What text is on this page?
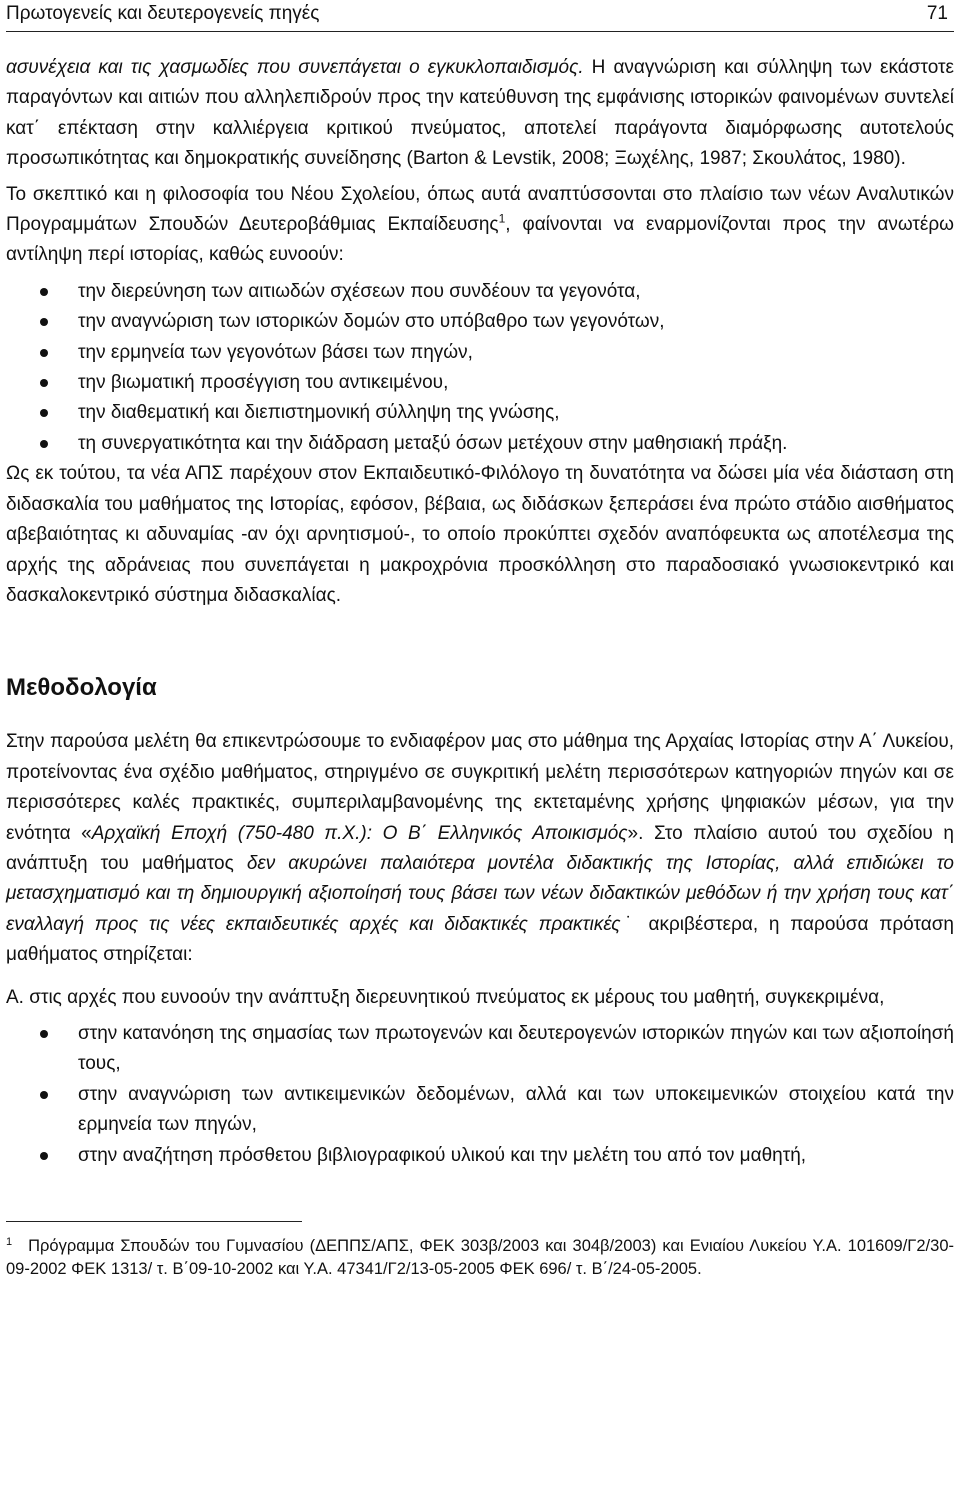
Πρωτογενείς και δευτερογενείς πηγές	71

ασυνέχεια και τις χασμωδίες που συνεπάγεται ο εγκυκλοπαιδισμός. Η αναγνώριση και σύλληψη των εκάστοτε παραγόντων και αιτιών που αλληλεπιδρούν προς την κατεύθυνση της εμφάνισης ιστορικών φαινομένων συντελεί κατ΄ επέκταση στην καλλιέργεια κριτικού πνεύματος, αποτελεί παράγοντα διαμόρφωσης αυτοτελούς προσωπικότητας και δημοκρατικής συνείδησης (Barton & Levstik, 2008; Ξωχέλης, 1987; Σκουλάτος, 1980).

Το σκεπτικό και η φιλοσοφία του Νέου Σχολείου, όπως αυτά αναπτύσσονται στο πλαίσιο των νέων Αναλυτικών Προγραμμάτων Σπουδών Δευτεροβάθμιας Εκπαίδευσης$^1$, φαίνονται να εναρμονίζονται προς την ανωτέρω αντίληψη περί ιστορίας, καθώς ευνοούν:

την διερεύνηση των αιτιωδών σχέσεων που συνδέουν τα γεγονότα,
την αναγνώριση των ιστορικών δομών στο υπόβαθρο των γεγονότων,
την ερμηνεία των γεγονότων βάσει των πηγών,
την βιωματική προσέγγιση του αντικειμένου,
την διαθεματική και διεπιστημονική σύλληψη της γνώσης,
τη συνεργατικότητα και την διάδραση μεταξύ όσων μετέχουν στην μαθησιακή πράξη.

Ως εκ τούτου, τα νέα ΑΠΣ παρέχουν στον Εκπαιδευτικό-Φιλόλογο τη δυνατότητα να δώσει μία νέα διάσταση στη διδασκαλία του μαθήματος της Ιστορίας, εφόσον, βέβαια, ως διδάσκων ξεπεράσει ένα πρώτο στάδιο αισθήματος αβεβαιότητας κι αδυναμίας -αν όχι αρνητισμού-, το οποίο προκύπτει σχεδόν αναπόφευκτα ως αποτέλεσμα της αρχής της αδράνειας που συνεπάγεται η μακροχρόνια προσκόλληση στο παραδοσιακό γνωσιοκεντρικό και δασκαλοκεντρικό σύστημα διδασκαλίας.

Μεθοδολογία

Στην παρούσα μελέτη θα επικεντρώσουμε το ενδιαφέρον μας στο μάθημα της Αρχαίας Ιστορίας στην Α΄ Λυκείου, προτείνοντας ένα σχέδιο μαθήματος, στηριγμένο σε συγκριτική μελέτη περισσότερων κατηγοριών πηγών και σε περισσότερες καλές πρακτικές, συμπεριλαμβανομένης της εκτεταμένης χρήσης ψηφιακών μέσων, για την ενότητα «Αρχαϊκή Εποχή (750-480 π.Χ.): Ο Β΄ Ελληνικός Αποικισμός». Στο πλαίσιο αυτού του σχεδίου η ανάπτυξη του μαθήματος δεν ακυρώνει παλαιότερα μοντέλα διδακτικής της Ιστορίας, αλλά επιδιώκει το μετασχηματισμό και τη δημιουργική αξιοποίησή τους βάσει των νέων διδακτικών μεθόδων ή την χρήση τους κατ΄ εναλλαγή προς τις νέες εκπαιδευτικές αρχές και διδακτικές πρακτικές˙ ακριβέστερα, η παρούσα πρόταση μαθήματος στηρίζεται:

Α. στις αρχές που ευνοούν την ανάπτυξη διερευνητικού πνεύματος εκ μέρους του μαθητή, συγκεκριμένα,

στην κατανόηση της σημασίας των πρωτογενών και δευτερογενών ιστορικών πηγών και των αξιοποίησή τους,
στην αναγνώριση των αντικειμενικών δεδομένων, αλλά και των υποκειμενικών στοιχείου κατά την ερμηνεία των πηγών,
στην αναζήτηση πρόσθετου βιβλιογραφικού υλικού και την μελέτη του από τον μαθητή,

$^1$ Πρόγραμμα Σπουδών του Γυμνασίου (ΔΕΠΠΣ/ΑΠΣ, ΦΕΚ 303β/2003 και 304β/2003) και Ενιαίου Λυκείου Υ.Α. 101609/Γ2/30-09-2002 ΦΕΚ 1313/ τ. Β΄09-10-2002 και Υ.Α. 47341/Γ2/13-05-2005 ΦΕΚ 696/ τ. Β΄/24-05-2005.
